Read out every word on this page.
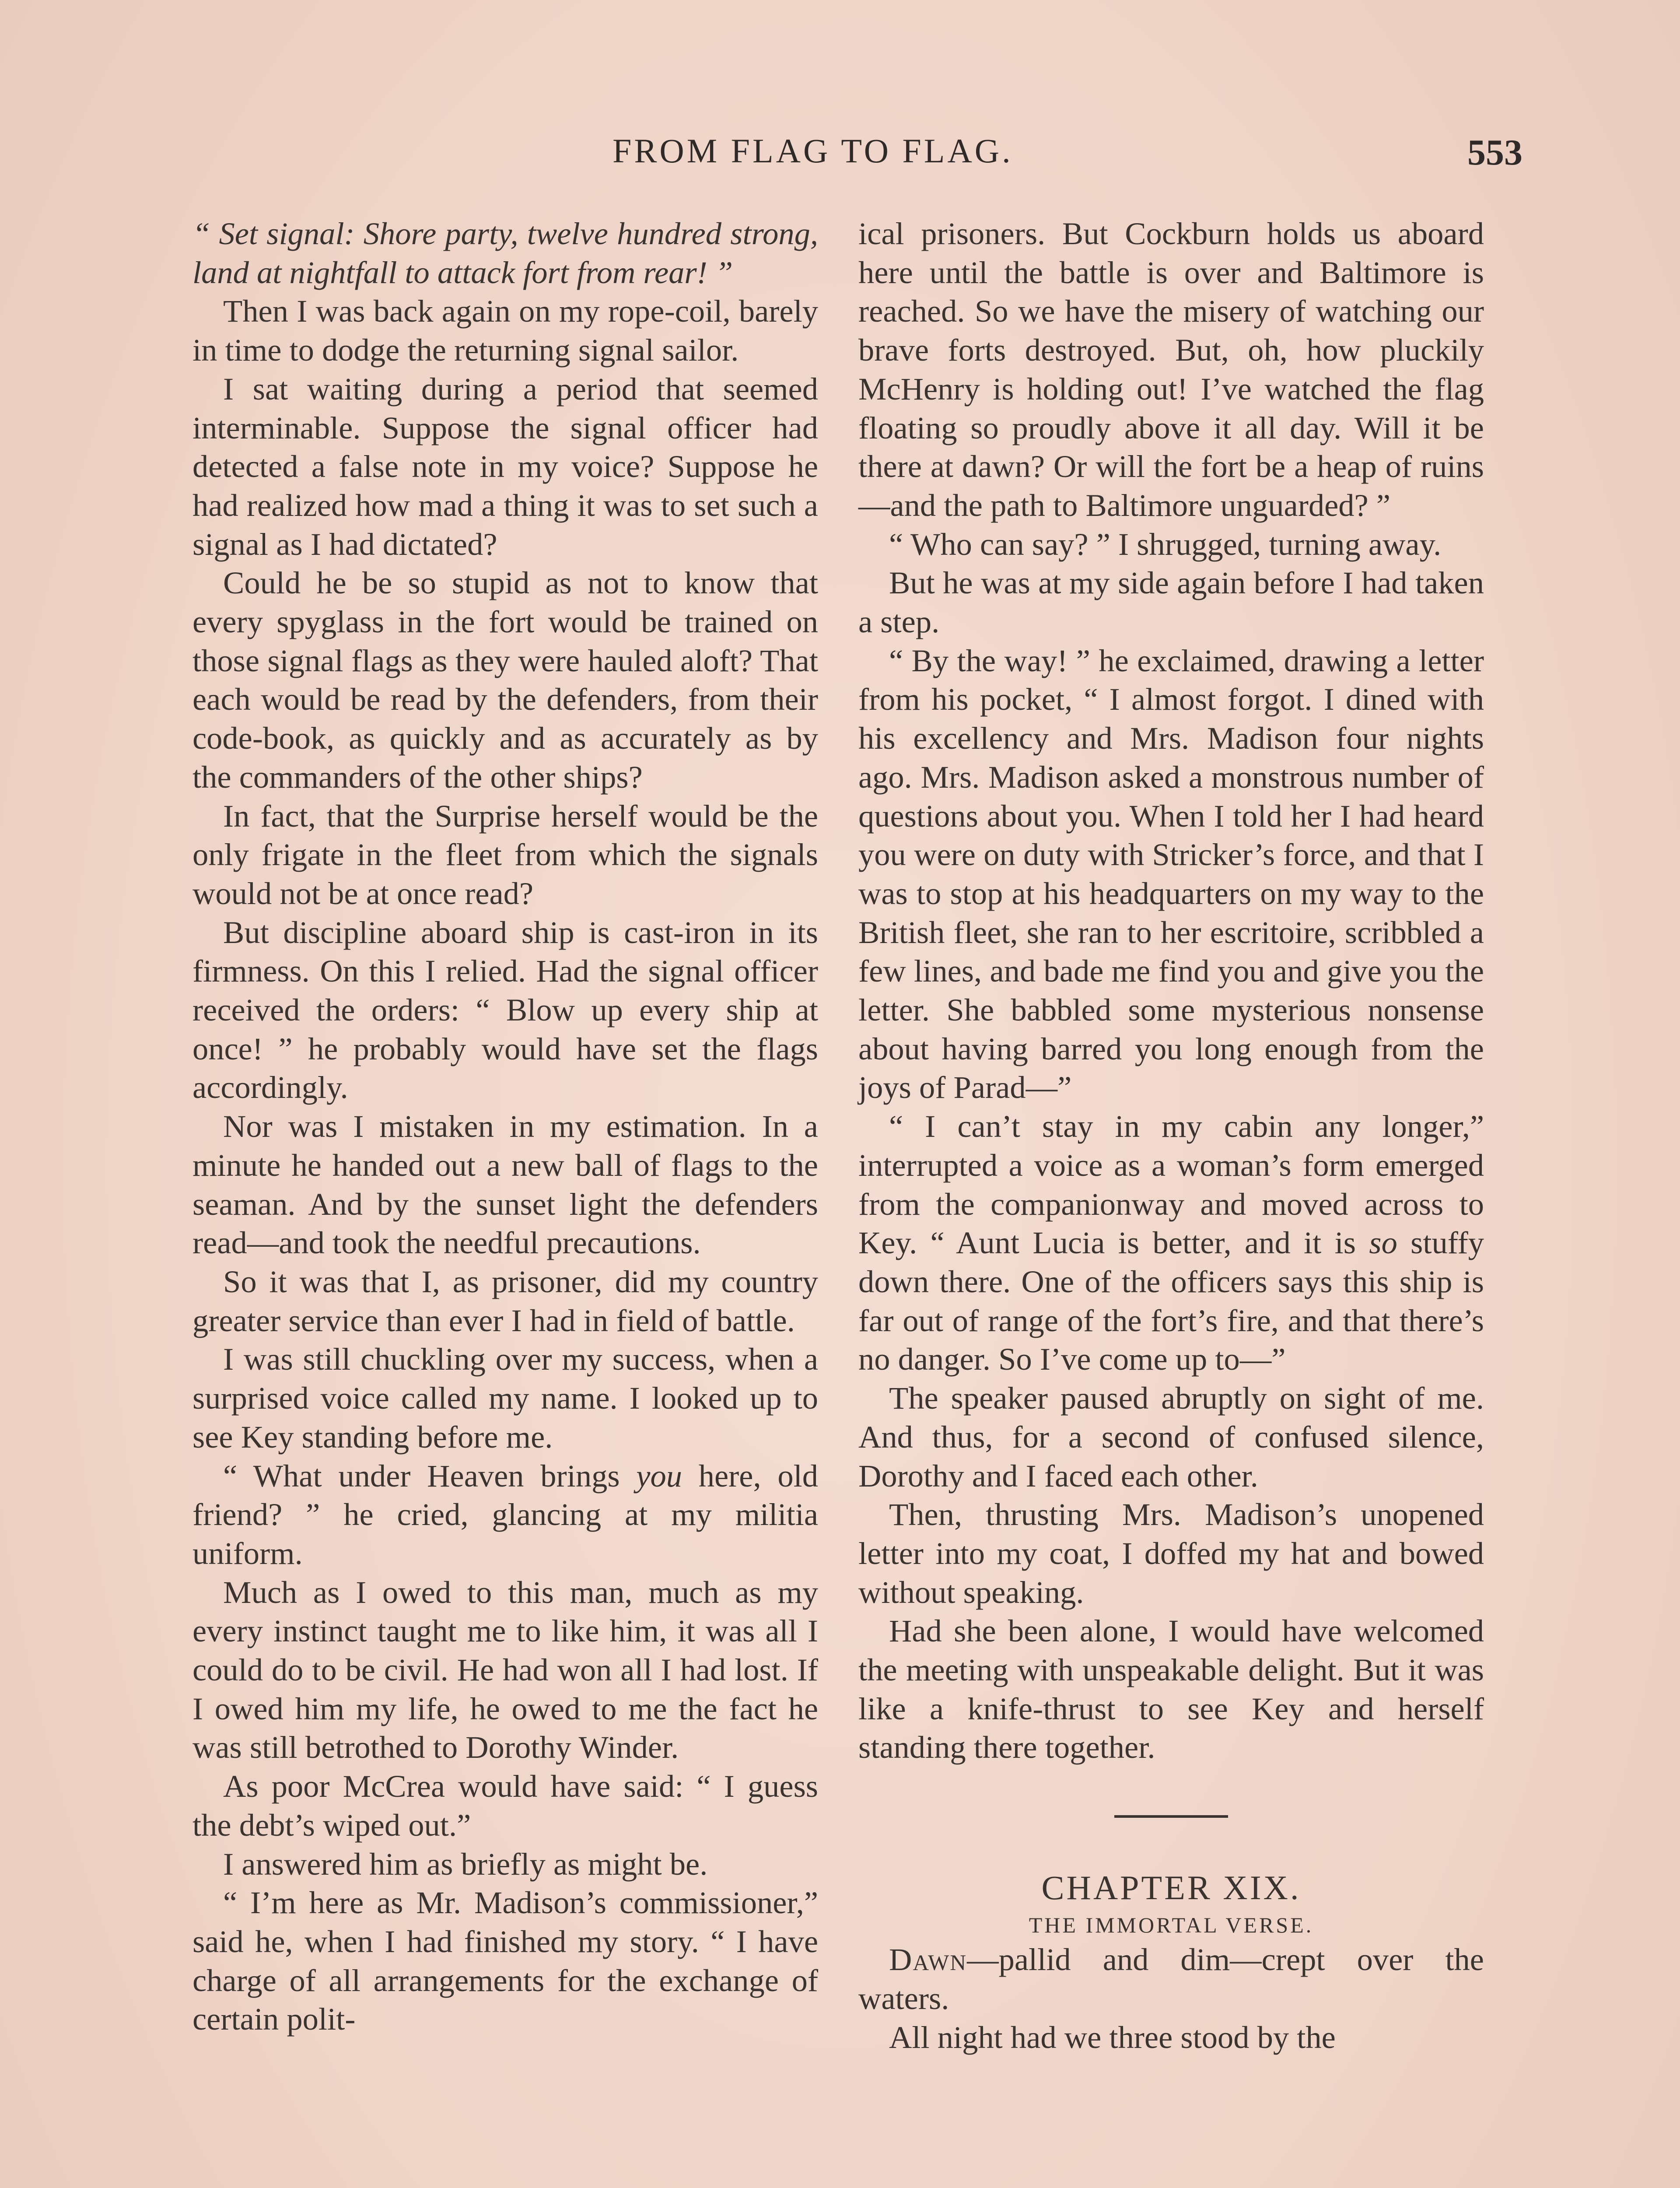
FROM FLAG TO FLAG.	553

“ Set signal: Shore party, twelve hundred strong, land at nightfall to attack fort from rear! ”

Then I was back again on my rope-coil, barely in time to dodge the returning signal sailor.

I sat waiting during a period that seemed interminable. Suppose the signal officer had detected a false note in my voice? Suppose he had realized how mad a thing it was to set such a signal as I had dictated?

Could he be so stupid as not to know that every spyglass in the fort would be trained on those signal flags as they were hauled aloft? That each would be read by the defenders, from their code-book, as quickly and as accurately as by the commanders of the other ships?

In fact, that the Surprise herself would be the only frigate in the fleet from which the signals would not be at once read?

But discipline aboard ship is cast-iron in its firmness. On this I relied. Had the signal officer received the orders: “ Blow up every ship at once! ” he probably would have set the flags accordingly.

Nor was I mistaken in my estimation. In a minute he handed out a new ball of flags to the seaman. And by the sunset light the defenders read—and took the needful precautions.

So it was that I, as prisoner, did my country greater service than ever I had in field of battle.

I was still chuckling over my success, when a surprised voice called my name. I looked up to see Key standing before me.

“ What under Heaven brings you here, old friend? ” he cried, glancing at my militia uniform.

Much as I owed to this man, much as my every instinct taught me to like him, it was all I could do to be civil. He had won all I had lost. If I owed him my life, he owed to me the fact he was still betrothed to Dorothy Winder.

As poor McCrea would have said: “ I guess the debt’s wiped out.”

I answered him as briefly as might be.

“ I’m here as Mr. Madison’s commissioner,” said he, when I had finished my story. “ I have charge of all arrangements for the exchange of certain polit-

ical prisoners. But Cockburn holds us aboard here until the battle is over and Baltimore is reached. So we have the misery of watching our brave forts destroyed. But, oh, how pluckily McHenry is holding out! I’ve watched the flag floating so proudly above it all day. Will it be there at dawn? Or will the fort be a heap of ruins—and the path to Baltimore unguarded? ”

“ Who can say? ” I shrugged, turning away.

But he was at my side again before I had taken a step.

“ By the way! ” he exclaimed, drawing a letter from his pocket, “ I almost forgot. I dined with his excellency and Mrs. Madison four nights ago. Mrs. Madison asked a monstrous number of questions about you. When I told her I had heard you were on duty with Stricker’s force, and that I was to stop at his headquarters on my way to the British fleet, she ran to her escritoire, scribbled a few lines, and bade me find you and give you the letter. She babbled some mysterious nonsense about having barred you long enough from the joys of Parad—”

“ I can’t stay in my cabin any longer,” interrupted a voice as a woman’s form emerged from the companionway and moved across to Key. “ Aunt Lucia is better, and it is so stuffy down there. One of the officers says this ship is far out of range of the fort’s fire, and that there’s no danger. So I’ve come up to—”

The speaker paused abruptly on sight of me. And thus, for a second of confused silence, Dorothy and I faced each other.

Then, thrusting Mrs. Madison’s unopened letter into my coat, I doffed my hat and bowed without speaking.

Had she been alone, I would have welcomed the meeting with unspeakable delight. But it was like a knife-thrust to see Key and herself standing there together.

CHAPTER XIX.

THE IMMORTAL VERSE.

Dawn—pallid and dim—crept over the waters.

All night had we three stood by the
